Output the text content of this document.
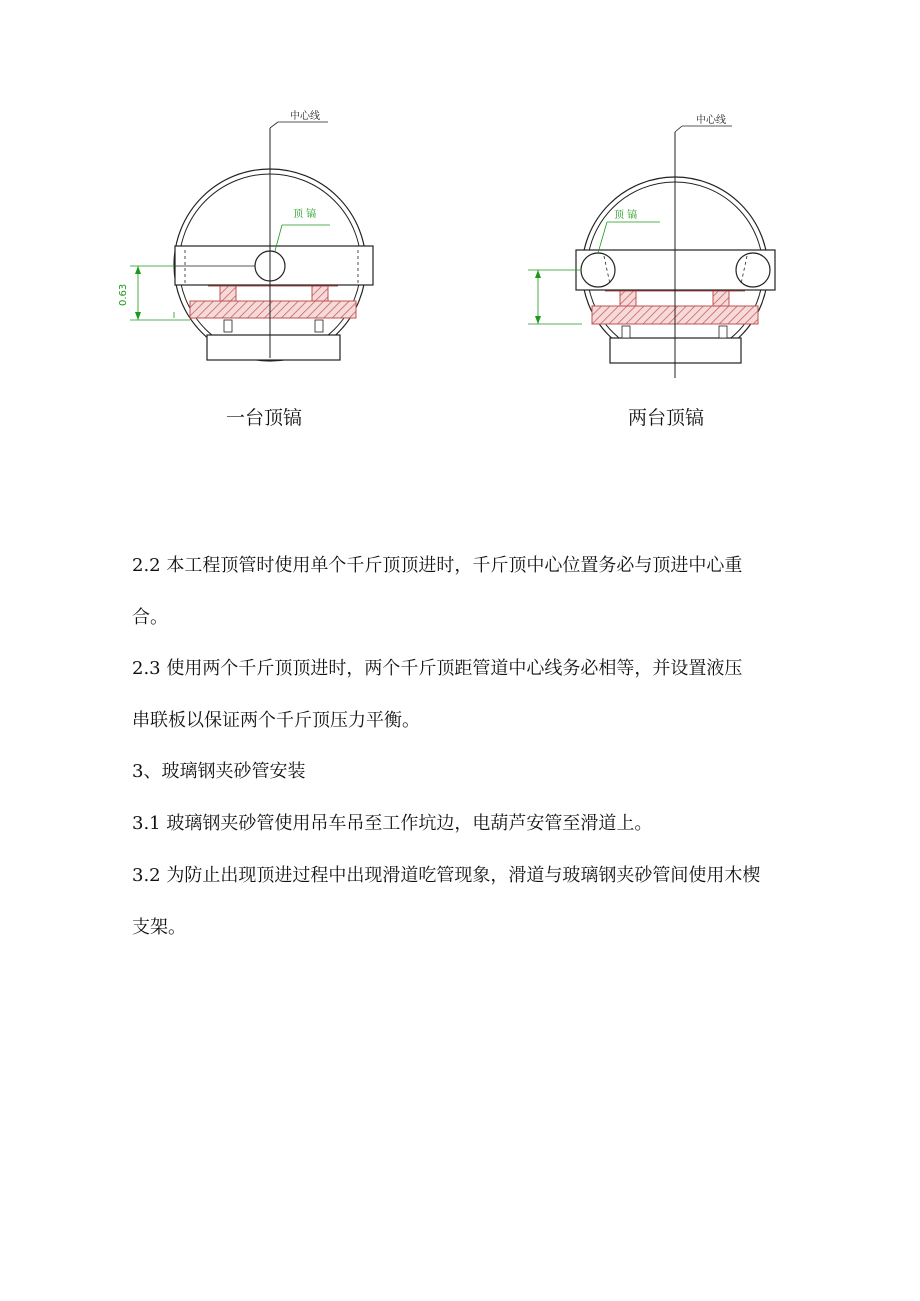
中心线
顶 镐
0.63
一台顶镐
中心线
顶 镐
两台顶镐
2.2 本工程顶管时使用单个千斤顶顶进时，千斤顶中心位置务必与顶进中心重
合。
2.3 使用两个千斤顶顶进时，两个千斤顶距管道中心线务必相等，并设置液压
串联板以保证两个千斤顶压力平衡。
3、玻璃钢夹砂管安装
3.1 玻璃钢夹砂管使用吊车吊至工作坑边，电葫芦安管至滑道上。
3.2 为防止出现顶进过程中出现滑道吃管现象，滑道与玻璃钢夹砂管间使用木楔
支架。
